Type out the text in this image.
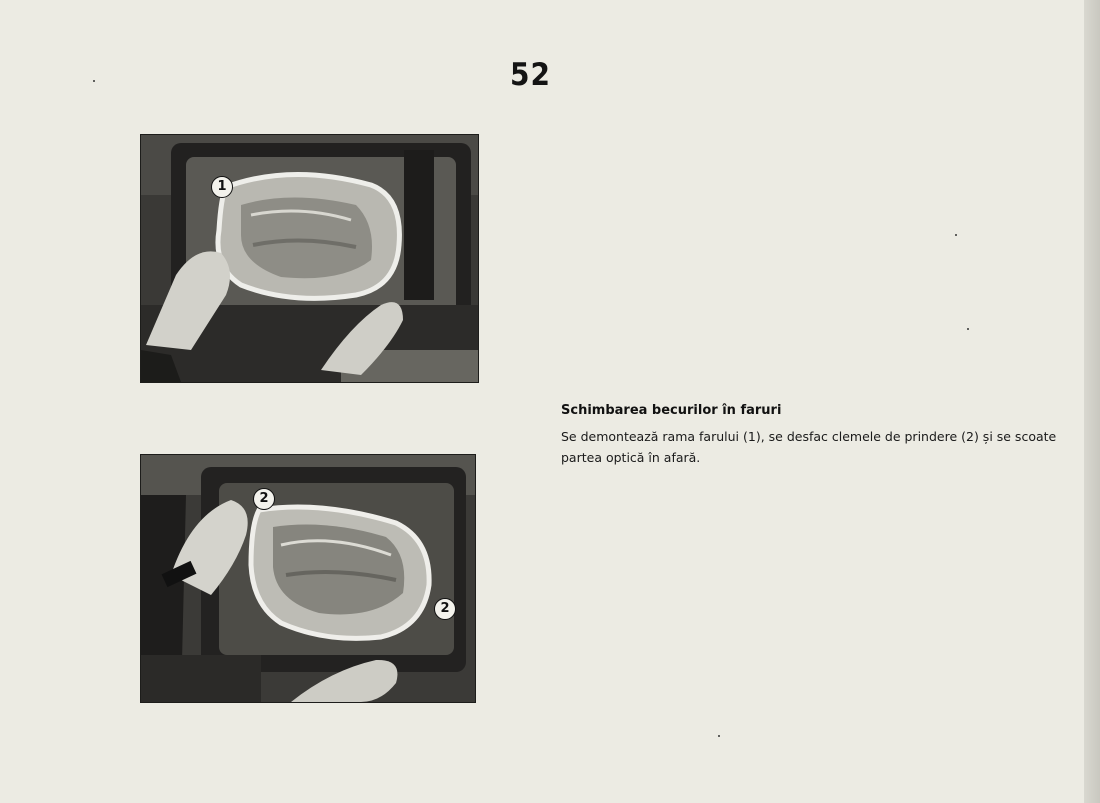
52
1
2
2
Schimbarea becurilor în faruri
Se demontează rama farului (1), se desfac clemele de prindere (2) și se scoate partea optică în afară.
